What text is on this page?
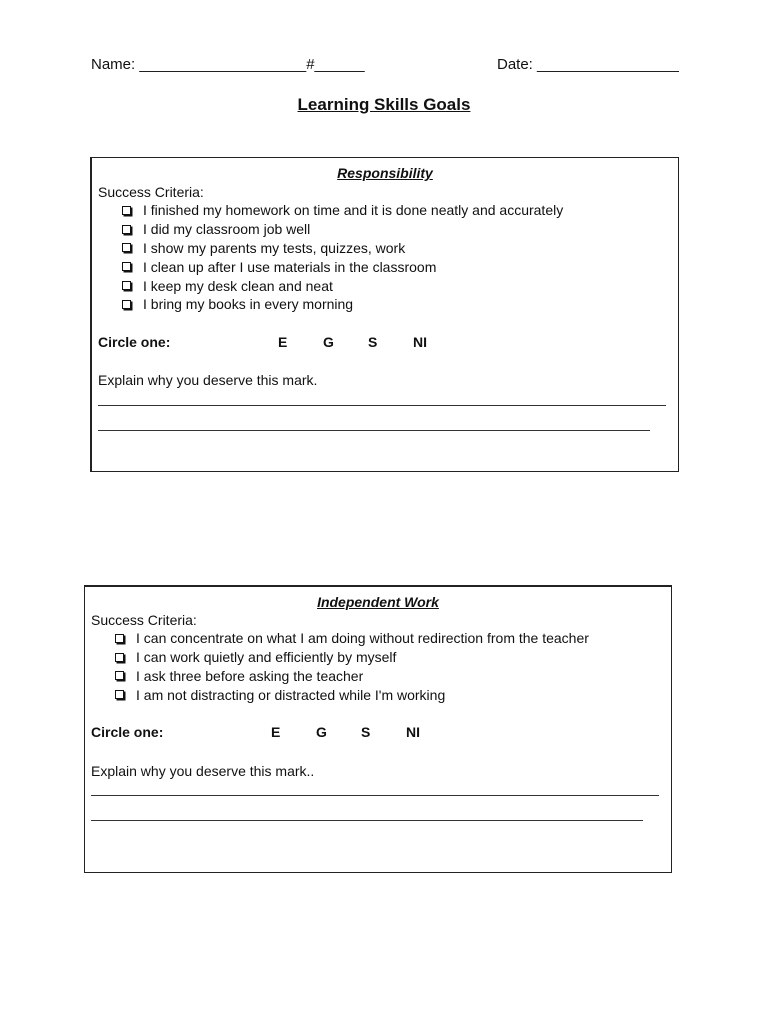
Name: ____________________#______	Date: _________________
Learning Skills Goals
Responsibility
Success Criteria:
I finished my homework on time and it is done neatly and accurately
I did my classroom job well
I show my parents my tests, quizzes, work
I clean up after I use materials in the classroom
I keep my desk clean and neat
I bring my books in every morning
Circle one:	E	G S	NI
Explain why you deserve this mark.
Independent Work
Success Criteria:
I can concentrate on what I am doing without redirection from the teacher
I can work quietly and efficiently by myself
I ask three before asking the teacher
I am not distracting or distracted while I'm working
Circle one:	E	G S	NI
Explain why you deserve this mark..
